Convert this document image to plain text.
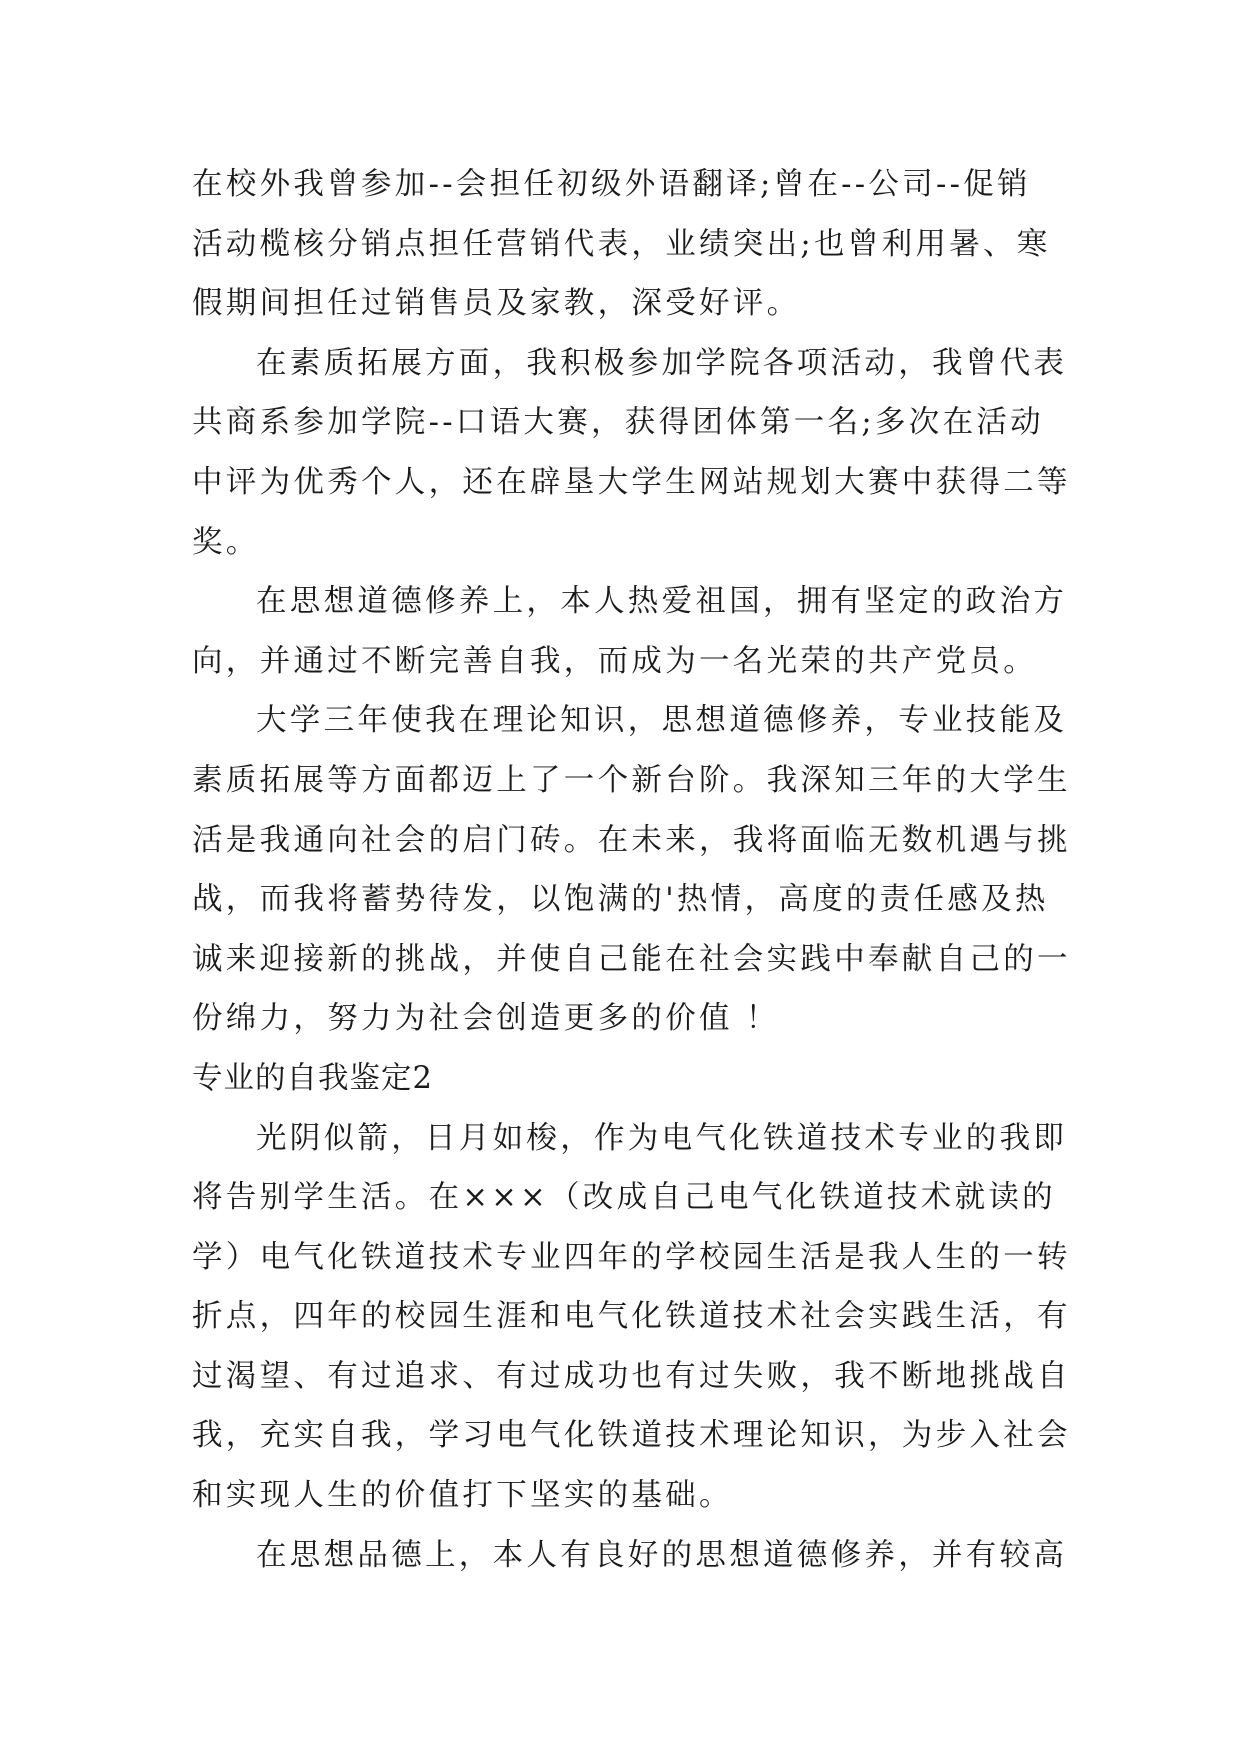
在校外我曾参加--会担任初级外语翻译;曾在--公司--促销
活动榄核分销点担任营销代表，业绩突出;也曾利用暑、寒
假期间担任过销售员及家教，深受好评。
在素质拓展方面，我积极参加学院各项活动，我曾代表
共商系参加学院--口语大赛，获得团体第一名;多次在活动
中评为优秀个人，还在辟垦大学生网站规划大赛中获得二等
奖。
在思想道德修养上，本人热爱祖国，拥有坚定的政治方
向，并通过不断完善自我，而成为一名光荣的共产党员。
大学三年使我在理论知识，思想道德修养，专业技能及
素质拓展等方面都迈上了一个新台阶。我深知三年的大学生
活是我通向社会的启门砖。在未来，我将面临无数机遇与挑
战，而我将蓄势待发，以饱满的'热情，高度的责任感及热
诚来迎接新的挑战，并使自己能在社会实践中奉献自己的一
份绵力，努力为社会创造更多的价值 ！
专业的自我鉴定2
光阴似箭，日月如梭，作为电气化铁道技术专业的我即
将告别学生活。在×××（改成自己电气化铁道技术就读的
学）电气化铁道技术专业四年的学校园生活是我人生的一转
折点，四年的校园生涯和电气化铁道技术社会实践生活，有
过渴望、有过追求、有过成功也有过失败，我不断地挑战自
我，充实自我，学习电气化铁道技术理论知识，为步入社会
和实现人生的价值打下坚实的基础。
在思想品德上，本人有良好的思想道德修养，并有较高
